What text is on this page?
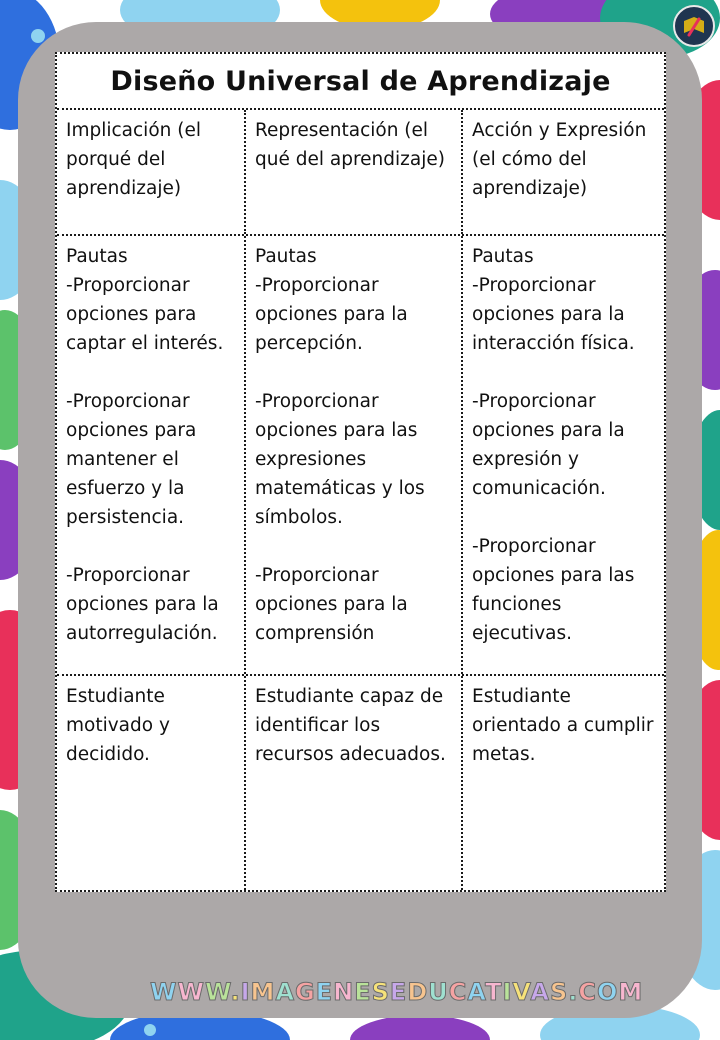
Diseño Universal de Aprendizaje
Implicación (el porqué del aprendizaje)
Representación (el qué del aprendizaje)
Acción y Expresión (el cómo del aprendizaje)
Pautas
-Proporcionar opciones para captar el interés.
-Proporcionar opciones para mantener el esfuerzo y la persistencia.
-Proporcionar opciones para la autorregulación.
Pautas
-Proporcionar opciones para la percepción.
-Proporcionar opciones para las expresiones matemáticas y los símbolos.
-Proporcionar opciones para la comprensión
Pautas
-Proporcionar opciones para la interacción física.
-Proporcionar opciones para la expresión y comunicación.
-Proporcionar opciones para las funciones ejecutivas.
Estudiante motivado y decidido.
Estudiante capaz de identificar los recursos adecuados.
Estudiante orientado a cumplir metas.
WWW.IMAGENESEDUCATIVAS.COM
